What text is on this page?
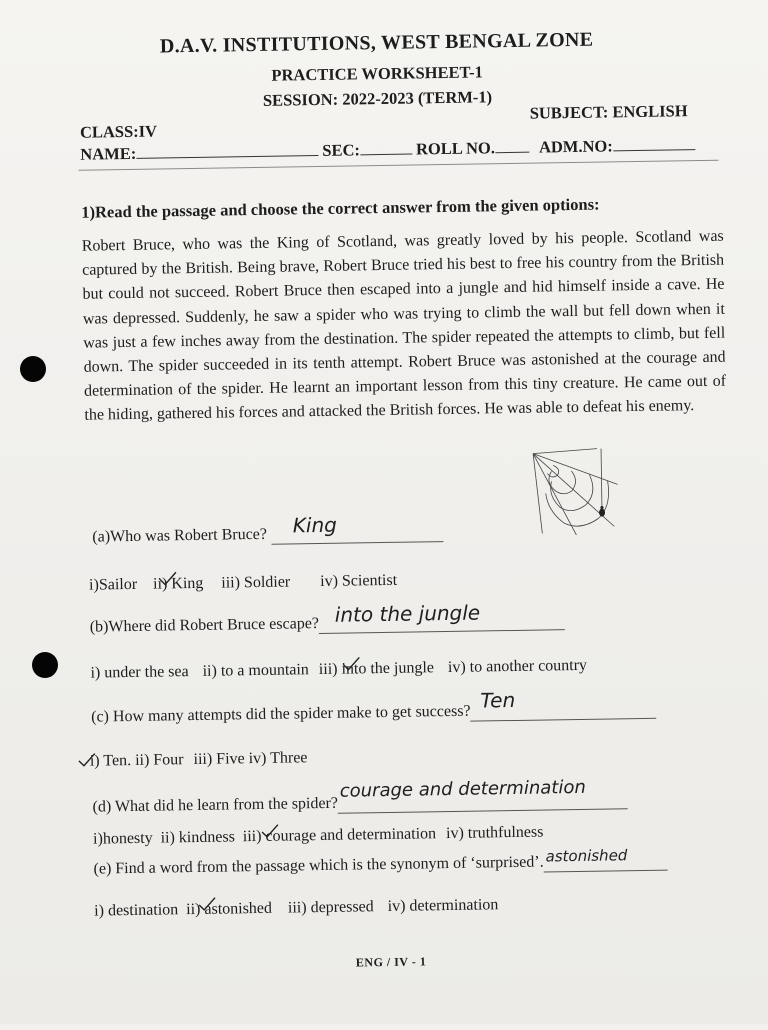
D.A.V. INSTITUTIONS, WEST BENGAL ZONE
PRACTICE WORKSHEET-1
SESSION: 2022-2023 (TERM-1)
CLASS:IV
SUBJECT: ENGLISH
NAME:	SEC:	ROLL NO.	ADM.NO:
1)Read the passage and choose the correct answer from the given options:
Robert Bruce, who was the King of Scotland, was greatly loved by his people. Scotland was captured by the British. Being brave, Robert Bruce tried his best to free his country from the British but could not succeed. Robert Bruce then escaped into a jungle and hid himself inside a cave. He was depressed. Suddenly, he saw a spider who was trying to climb the wall but fell down when it was just a few inches away from the destination. The spider repeated the attempts to climb, but fell down. The spider succeeded in its tenth attempt. Robert Bruce was astonished at the courage and determination of the spider. He learnt an important lesson from this tiny creature. He came out of the hiding, gathered his forces and attacked the British forces. He was able to defeat his enemy.
(a)Who was Robert Bruce? King

i)Sailor ii) King iii) Soldier iv) Scientist
(b)Where did Robert Bruce escape? into the jungle

i) under the sea ii) to a mountain iii) into the jungle iv) to another country
(c) How many attempts did the spider make to get success?
Ten

i) Ten. ii) Four iii) Five iv) Three
(d) What did he learn from the spider?
courage and determination

i)honesty ii) kindness iii) courage and determination iv) truthfulness
(e) Find a word from the passage which is the synonym of ‘surprised’. astonished

i) destination ii) astonished iii) depressed iv) determination
ENG / IV - 1
